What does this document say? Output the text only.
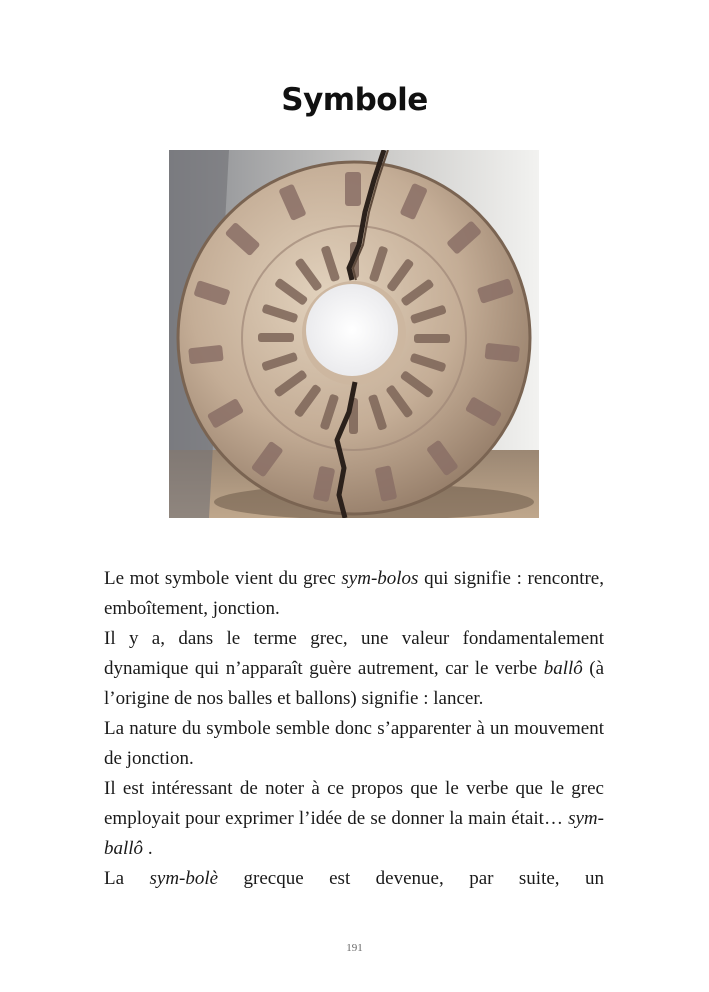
Symbole

Le mot symbole vient du grec sym-bolos qui signifie : rencontre, emboîtement, jonction.

Il y a, dans le terme grec, une valeur fondamentalement dynamique qui n’apparaît guère autrement, car le verbe ballô (à l’origine de nos balles et ballons) signifie : lancer.

La nature du symbole semble donc s’apparenter à un mouvement de jonction.

Il est intéressant de noter à ce propos que le verbe que le grec employait pour exprimer l’idée de se donner la main était… sym-ballô .

La sym-bolè grecque est devenue, par suite, un

191
